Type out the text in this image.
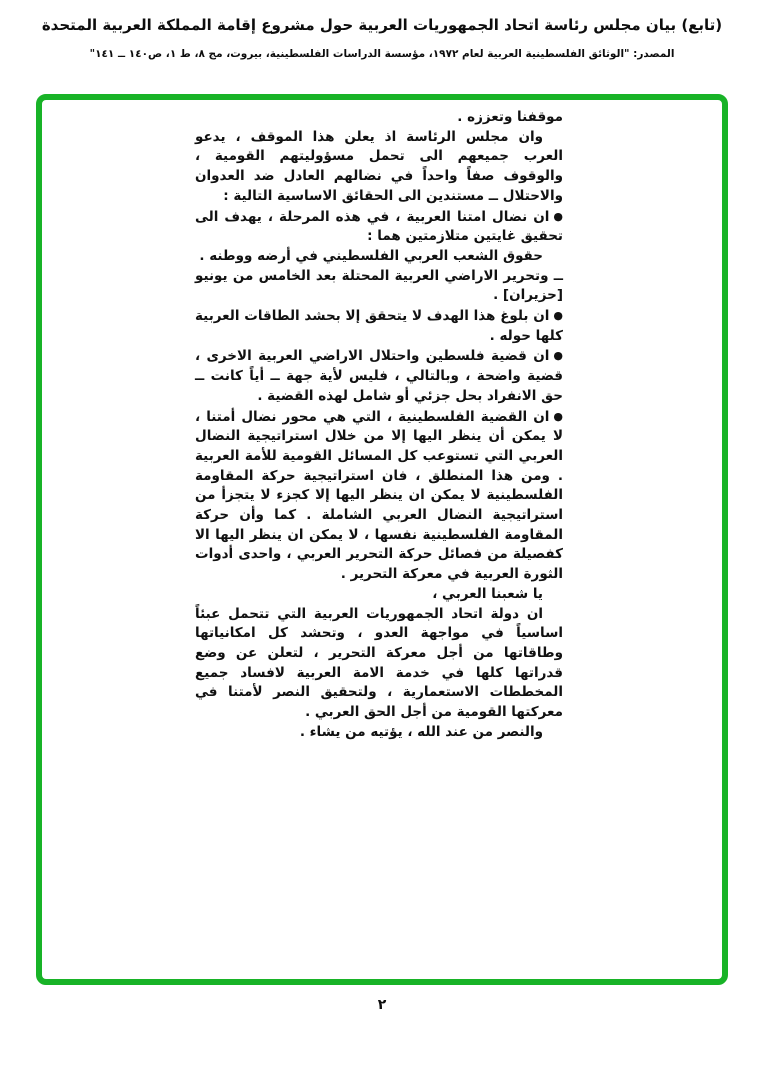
(تابع) بيان مجلس رئاسة اتحاد الجمهوريات العربية حول مشروع إقامة المملكة العربية المتحدة
المصدر: "الوثائق الفلسطينية العربية لعام ١٩٧٢، مؤسسة الدراسات الفلسطينية، بيروت، مج ٨، ط ١، ص١٤٠ ــ ١٤١"

موقفنا وتعززه .

وان مجلس الرئاسة اذ يعلن هذا الموقف ، يدعو العرب جميعهم الى تحمل مسؤوليتهم القومية ، والوقوف صفاً واحداً في نضالهم العادل ضد العدوان والاحتلال ــ مستندين الى الحقائق الاساسية التالية :

●ان نضال امتنا العربية ، في هذه المرحلة ، يهدف الى تحقيق غايتين متلازمتين هما :

حقوق الشعب العربي الفلسطيني في أرضه ووطنه .

ــ وتحرير الاراضي العربية المحتلة بعد الخامس من يونيو [حزيران] .

●ان بلوغ هذا الهدف لا يتحقق إلا بحشد الطاقات العربية كلها حوله .

●ان قضية فلسطين واحتلال الاراضي العربية الاخرى ، قضية واضحة ، وبالتالي ، فليس لأية جهة ــ أياً كانت ــ حق الانفراد بحل جزئي أو شامل لهذه القضية .

●ان القضية الفلسطينية ، التي هي محور نضال أمتنا ، لا يمكن أن ينظر اليها إلا من خلال استراتيجية النضال العربي التي تستوعب كل المسائل القومية للأمة العربية . ومن هذا المنطلق ، فان استراتيجية حركة المقاومة الفلسطينية لا يمكن ان ينظر اليها إلا كجزء لا يتجزأ من استراتيجية النضال العربي الشاملة . كما وأن حركة المقاومة الفلسطينية نفسها ، لا يمكن ان ينظر اليها الا كفصيلة من فصائل حركة التحرير العربي ، واحدى أدوات الثورة العربية في معركة التحرير .

يا شعبنا العربي ،

ان دولة اتحاد الجمهوريات العربية التي تتحمل عبئاً اساسياً في مواجهة العدو ، وتحشد كل امكانياتها وطاقاتها من أجل معركة التحرير ، لتعلن عن وضع قدراتها كلها في خدمة الامة العربية لافساد جميع المخططات الاستعمارية ، ولتحقيق النصر لأمتنا في معركتها القومية من أجل الحق العربي .

والنصر من عند الله ، يؤتيه من يشاء .

٢
